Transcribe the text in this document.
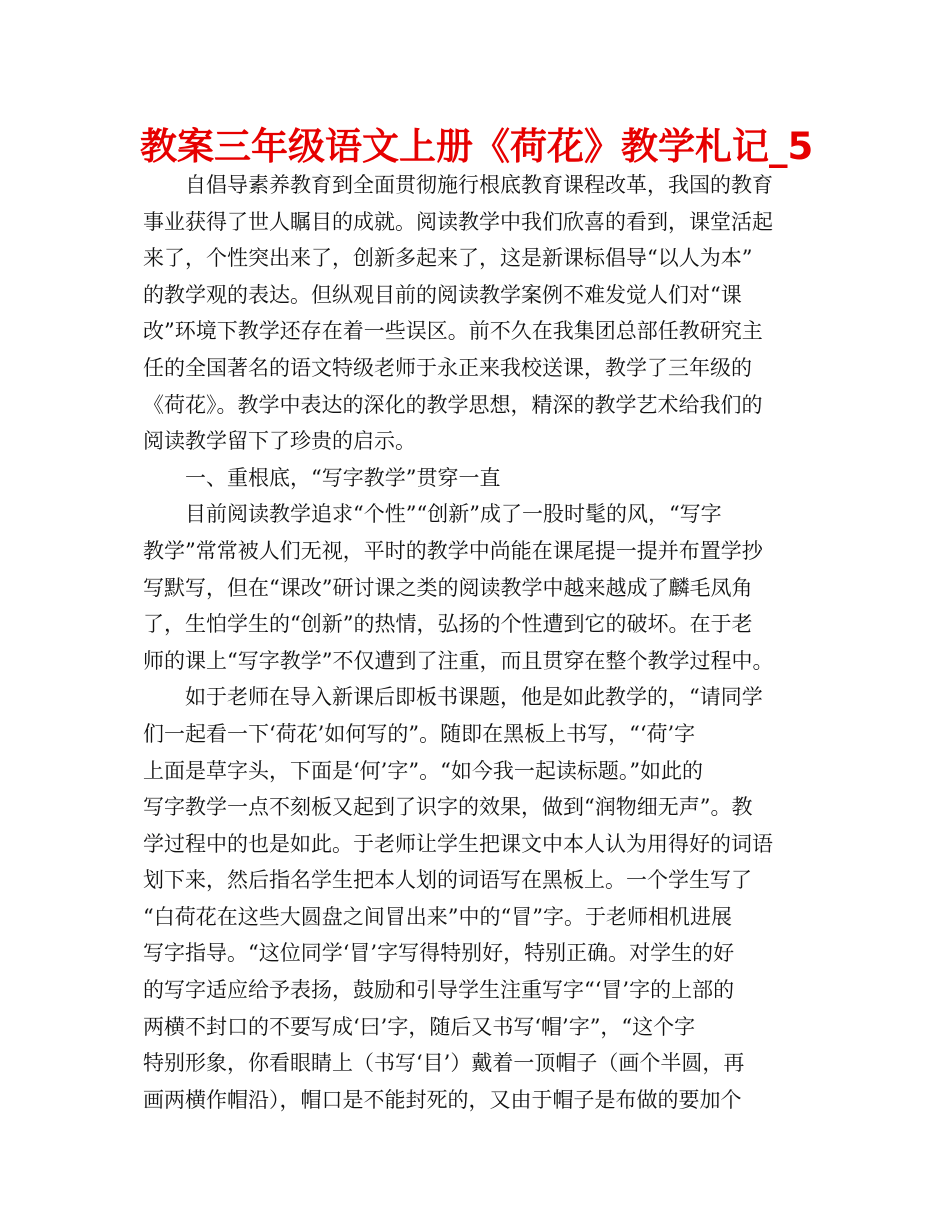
教案三年级语文上册《荷花》教学札记_5
自倡导素养教育到全面贯彻施行根底教育课程改革，我国的教育
事业获得了世人瞩目的成就。阅读教学中我们欣喜的看到，课堂活起
来了，个性突出来了，创新多起来了，这是新课标倡导“以人为本”
的教学观的表达。但纵观目前的阅读教学案例不难发觉人们对“课
改”环境下教学还存在着一些误区。前不久在我集团总部任教研究主
任的全国著名的语文特级老师于永正来我校送课，教学了三年级的
《荷花》。教学中表达的深化的教学思想，精深的教学艺术给我们的
阅读教学留下了珍贵的启示。
一、重根底，“写字教学”贯穿一直
目前阅读教学追求“个性”“创新”成了一股时髦的风，“写字
教学”常常被人们无视，平时的教学中尚能在课尾提一提并布置学抄
写默写，但在“课改”研讨课之类的阅读教学中越来越成了麟毛凤角
了，生怕学生的“创新”的热情，弘扬的个性遭到它的破坏。在于老
师的课上“写字教学”不仅遭到了注重，而且贯穿在整个教学过程中。
如于老师在导入新课后即板书课题，他是如此教学的，“请同学
们一起看一下‘荷花’如何写的”。随即在黑板上书写，“‘荷’字
上面是草字头，下面是‘何’字”。“如今我一起读标题。”如此的
写字教学一点不刻板又起到了识字的效果，做到“润物细无声”。教
学过程中的也是如此。于老师让学生把课文中本人认为用得好的词语
划下来，然后指名学生把本人划的词语写在黑板上。一个学生写了
“白荷花在这些大圆盘之间冒出来”中的“冒”字。于老师相机进展
写字指导。“这位同学‘冒’字写得特别好，特别正确。对学生的好
的写字适应给予表扬，鼓励和引导学生注重写字“‘冒’字的上部的
两横不封口的不要写成‘曰’字，随后又书写‘帽’字”，“这个字
特别形象，你看眼睛上（书写‘目’）戴着一顶帽子（画个半圆，再
画两横作帽沿），帽口是不能封死的，又由于帽子是布做的要加个
